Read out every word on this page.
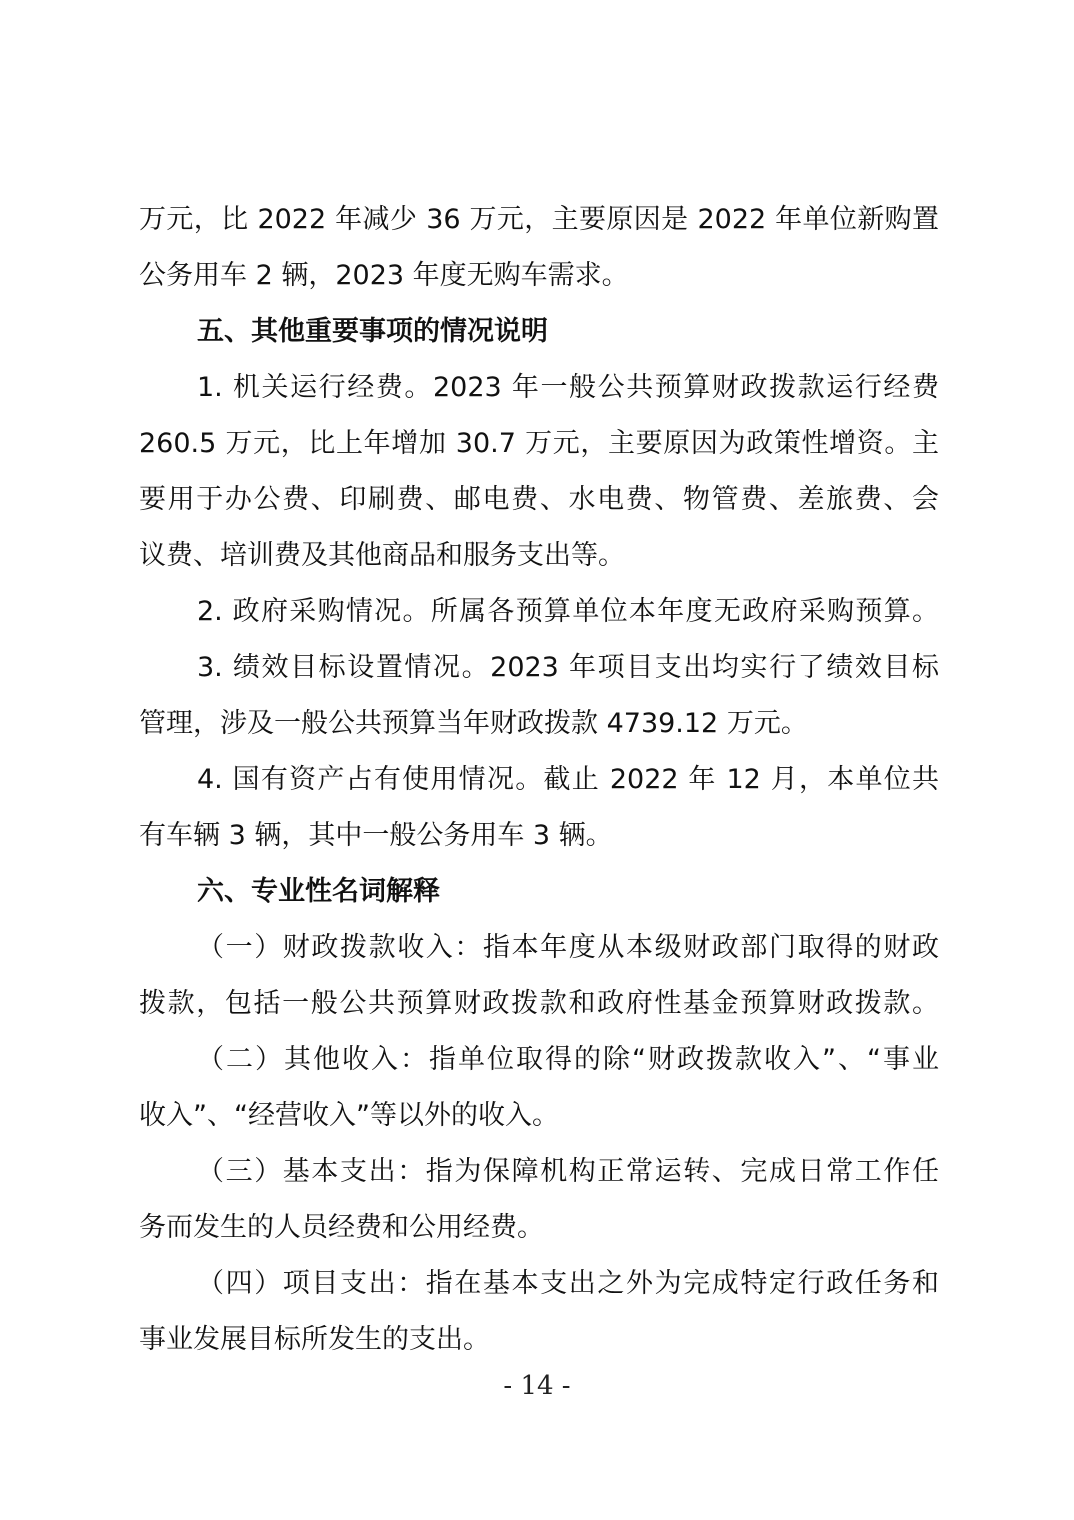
万元，比 2022 年减少 36 万元，主要原因是 2022 年单位新购置
公务用车 2 辆，2023 年度无购车需求。
五、其他重要事项的情况说明
1. 机关运行经费。2023 年一般公共预算财政拨款运行经费
260.5 万元，比上年增加 30.7 万元，主要原因为政策性增资。主
要用于办公费、印刷费、邮电费、水电费、物管费、差旅费、会
议费、培训费及其他商品和服务支出等。
2. 政府采购情况。所属各预算单位本年度无政府采购预算。
3. 绩效目标设置情况。2023 年项目支出均实行了绩效目标
管理，涉及一般公共预算当年财政拨款 4739.12 万元。
4. 国有资产占有使用情况。截止 2022 年 12 月，本单位共
有车辆 3 辆，其中一般公务用车 3 辆。
六、专业性名词解释
（一）财政拨款收入：指本年度从本级财政部门取得的财政
拨款，包括一般公共预算财政拨款和政府性基金预算财政拨款。
（二）其他收入：指单位取得的除“财政拨款收入”、“事业
收入”、“经营收入”等以外的收入。
（三）基本支出：指为保障机构正常运转、完成日常工作任
务而发生的人员经费和公用经费。
（四）项目支出：指在基本支出之外为完成特定行政任务和
事业发展目标所发生的支出。
- 14 -
